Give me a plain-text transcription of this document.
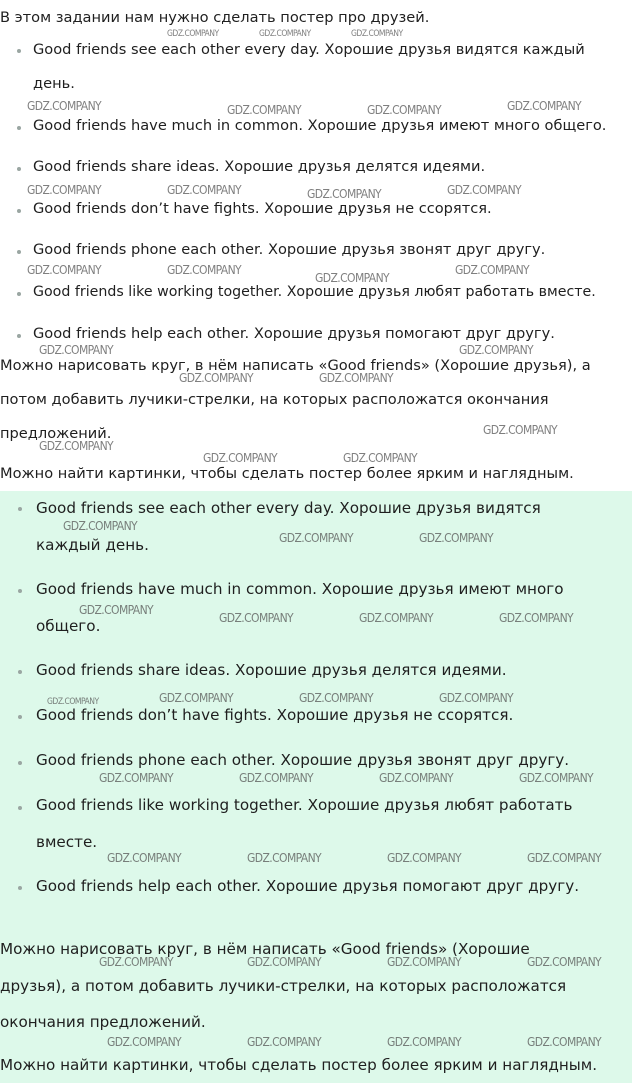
В этом задании нам нужно сделать постер про друзей.

Good friends see each other every day. Хорошие друзья видятся каждый
день.
Good friends have much in common. Хорошие друзья имеют много общего.
Good friends share ideas. Хорошие друзья делятся идеями.
Good friends don’t have fights. Хорошие друзья не ссорятся.
Good friends phone each other. Хорошие друзья звонят друг другу.
Good friends like working together. Хорошие друзья любят работать вместе.
Good friends help each other. Хорошие друзья помогают друг другу.

Можно нарисовать круг, в нём написать «Good friends» (Хорошие друзья), а

потом добавить лучики-стрелки, на которых расположатся окончания

предложений.

Можно найти картинки, чтобы сделать постер более ярким и наглядным.

Good friends see each other every day. Хорошие друзья видятся
каждый день.
Good friends have much in common. Хорошие друзья имеют много
общего.
Good friends share ideas. Хорошие друзья делятся идеями.
Good friends don’t have fights. Хорошие друзья не ссорятся.
Good friends phone each other. Хорошие друзья звонят друг другу.
Good friends like working together. Хорошие друзья любят работать
вместе.
Good friends help each other. Хорошие друзья помогают друг другу.

Можно нарисовать круг, в нём написать «Good friends» (Хорошие

друзья), а потом добавить лучики-стрелки, на которых расположатся

окончания предложений.

Можно найти картинки, чтобы сделать постер более ярким и наглядным.

GDZ.COMPANY	GDZ.COMPANY	GDZ.COMPANY
GDZ.COMPANY	GDZ.COMPANY	GDZ.COMPANY	GDZ.COMPANY
GDZ.COMPANY	GDZ.COMPANY	GDZ.COMPANY	GDZ.COMPANY
GDZ.COMPANY	GDZ.COMPANY
GDZ.COMPANY
GDZ.COMPANY
GDZ.COMPANY	GDZ.COMPANY
GDZ.COMPANY	GDZ.COMPANY
GDZ.COMPANY
GDZ.COMPANY
GDZ.COMPANY	GDZ.COMPANY
GDZ.COMPANY
GDZ.COMPANY	GDZ.COMPANY
GDZ.COMPANY
GDZ.COMPANY	GDZ.COMPANY	GDZ.COMPANY
GDZ.COMPANY	GDZ.COMPANY	GDZ.COMPANY	GDZ.COMPANY
GDZ.COMPANY	GDZ.COMPANY	GDZ.COMPANY	GDZ.COMPANY
GDZ.COMPANY	GDZ.COMPANY	GDZ.COMPANY	GDZ.COMPANY
GDZ.COMPANY	GDZ.COMPANY	GDZ.COMPANY	GDZ.COMPANY
GDZ.COMPANY	GDZ.COMPANY	GDZ.COMPANY	GDZ.COMPANY
